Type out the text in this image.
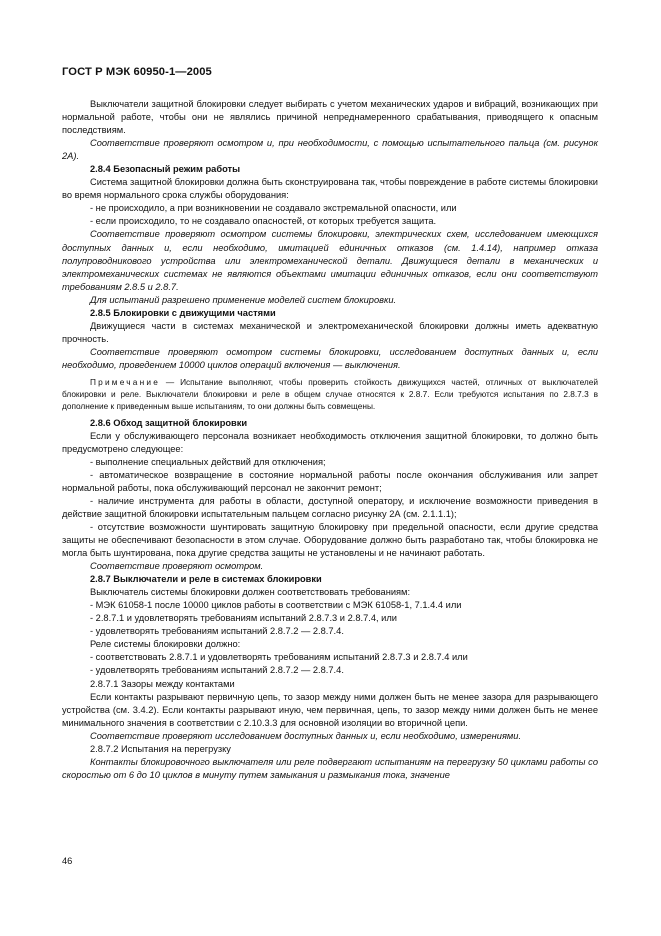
ГОСТ Р МЭК 60950-1—2005

Выключатели защитной блокировки следует выбирать с учетом механических ударов и вибраций, возникающих при нормальной работе, чтобы они не являлись причиной непреднамеренного срабатывания, приводящего к опасным последствиям.

Соответствие проверяют осмотром и, при необходимости, с помощью испытательного пальца (см. рисунок 2А).

2.8.4 Безопасный режим работы

Система защитной блокировки должна быть сконструирована так, чтобы повреждение в работе системы блокировки во время нормального срока службы оборудования:

- не происходило, а при возникновении не создавало экстремальной опасности, или

- если происходило, то не создавало опасностей, от которых требуется защита.

Соответствие проверяют осмотром системы блокировки, электрических схем, исследованием имеющихся доступных данных и, если необходимо, имитацией единичных отказов (см. 1.4.14), например отказа полупроводникового устройства или электромеханической детали. Движущиеся детали в механических и электромеханических системах не являются объектами имитации единичных отказов, если они соответствуют требованиям 2.8.5 и 2.8.7.

Для испытаний разрешено применение моделей систем блокировки.

2.8.5 Блокировки с движущими частями

Движущиеся части в системах механической и электромеханической блокировки должны иметь адекватную прочность.

Соответствие проверяют осмотром системы блокировки, исследованием доступных данных и, если необходимо, проведением 10000 циклов операций включения — выключения.

Примечание — Испытание выполняют, чтобы проверить стойкость движущихся частей, отличных от выключателей блокировки и реле. Выключатели блокировки и реле в общем случае относятся к 2.8.7. Если требуются испытания по 2.8.7.3 в дополнение к приведенным выше испытаниям, то они должны быть совмещены.

2.8.6 Обход защитной блокировки

Если у обслуживающего персонала возникает необходимость отключения защитной блокировки, то должно быть предусмотрено следующее:

- выполнение специальных действий для отключения;

- автоматическое возвращение в состояние нормальной работы после окончания обслуживания или запрет нормальной работы, пока обслуживающий персонал не закончит ремонт;

- наличие инструмента для работы в области, доступной оператору, и исключение возможности приведения в действие защитной блокировки испытательным пальцем согласно рисунку 2А (см. 2.1.1.1);

- отсутствие возможности шунтировать защитную блокировку при предельной опасности, если другие средства защиты не обеспечивают безопасности в этом случае. Оборудование должно быть разработано так, чтобы блокировка не могла быть шунтирована, пока другие средства защиты не установлены и не начинают работать.

Соответствие проверяют осмотром.

2.8.7 Выключатели и реле в системах блокировки

Выключатель системы блокировки должен соответствовать требованиям:

- МЭК 61058-1 после 10000 циклов работы в соответствии с МЭК 61058-1, 7.1.4.4 или

- 2.8.7.1 и удовлетворять требованиям испытаний 2.8.7.3 и 2.8.7.4, или

- удовлетворять требованиям испытаний 2.8.7.2 — 2.8.7.4.

Реле системы блокировки должно:

- соответствовать 2.8.7.1 и удовлетворять требованиям испытаний 2.8.7.3 и 2.8.7.4 или

- удовлетворять требованиям испытаний 2.8.7.2 — 2.8.7.4.

2.8.7.1 Зазоры между контактами

Если контакты разрывают первичную цепь, то зазор между ними должен быть не менее зазора для разрывающего устройства (см. 3.4.2). Если контакты разрывают иную, чем первичная, цепь, то зазор между ними должен быть не менее минимального значения в соответствии с 2.10.3.3 для основной изоляции во вторичной цепи.

Соответствие проверяют исследованием доступных данных и, если необходимо, измерениями.

2.8.7.2 Испытания на перегрузку

Контакты блокировочного выключателя или реле подвергают испытаниям на перегрузку 50 циклами работы со скоростью от 6 до 10 циклов в минуту путем замыкания и размыкания тока, значение

46
